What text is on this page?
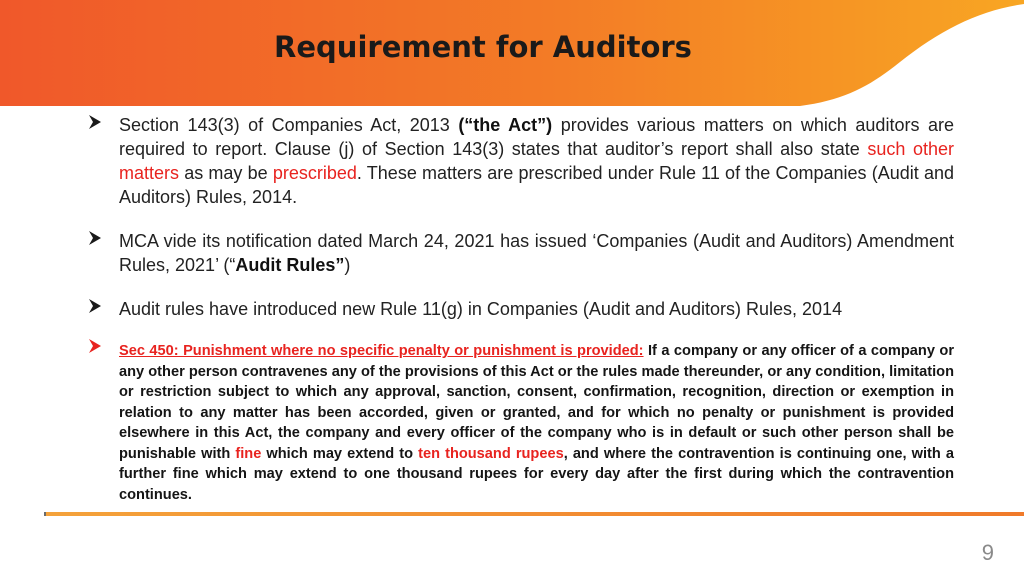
Requirement for Auditors
Section 143(3) of Companies Act, 2013 (“the Act”) provides various matters on which auditors are required to report. Clause (j) of Section 143(3) states that auditor’s report shall also state such other matters as may be prescribed. These matters are prescribed under Rule 11 of the Companies (Audit and Auditors) Rules, 2014.
MCA vide its notification dated March 24, 2021 has issued ‘Companies (Audit and Auditors) Amendment Rules, 2021’ (“Audit Rules”)
Audit rules have introduced new Rule 11(g) in Companies (Audit and Auditors) Rules, 2014
Sec 450: Punishment where no specific penalty or punishment is provided: If a company or any officer of a company or any other person contravenes any of the provisions of this Act or the rules made thereunder, or any condition, limitation or restriction subject to which any approval, sanction, consent, confirmation, recognition, direction or exemption in relation to any matter has been accorded, given or granted, and for which no penalty or punishment is provided elsewhere in this Act, the company and every officer of the company who is in default or such other person shall be punishable with fine which may extend to ten thousand rupees, and where the contravention is continuing one, with a further fine which may extend to one thousand rupees for every day after the first during which the contravention continues.
9
